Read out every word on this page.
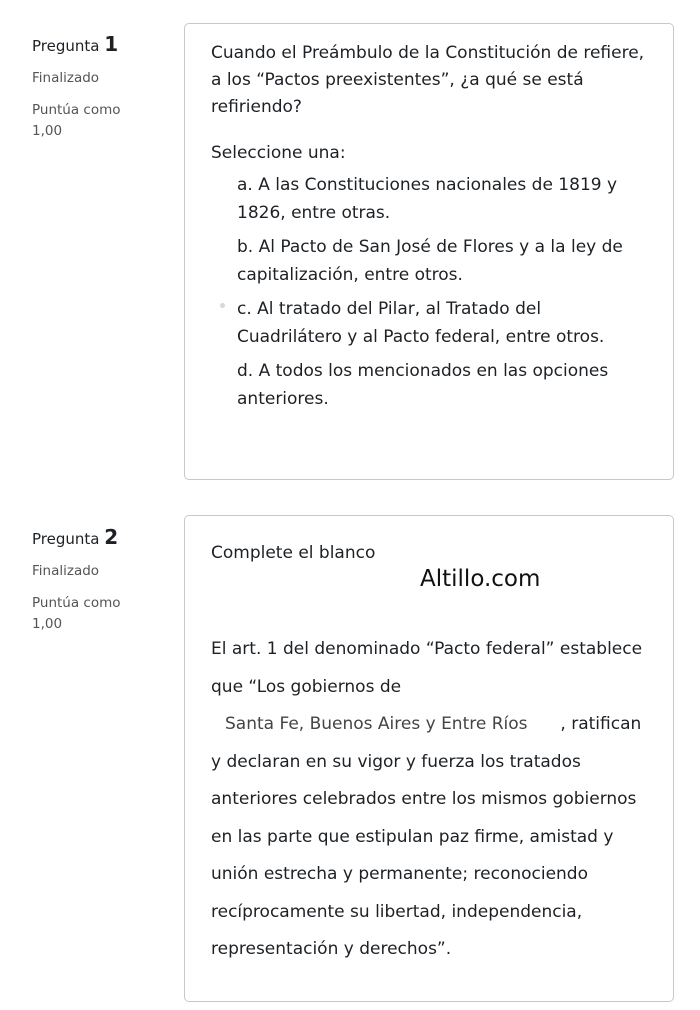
Pregunta 1
Finalizado
Puntúa como
1,00
Cuando el Preámbulo de la Constitución de refiere, a los “Pactos preexistentes”, ¿a qué se está refiriendo?
Seleccione una:
a. A las Constituciones nacionales de 1819 y 1826, entre otras.
b. Al Pacto de San José de Flores y a la ley de capitalización, entre otros.
c. Al tratado del Pilar, al Tratado del Cuadrilátero y al Pacto federal, entre otros.
d. A todos los mencionados en las opciones anteriores.
Pregunta 2
Finalizado
Puntúa como
1,00
Complete el blanco
Altillo.com
El art. 1 del denominado “Pacto federal” establece que “Los gobiernos de Santa Fe, Buenos Aires y Entre Ríos , ratifican y declaran en su vigor y fuerza los tratados anteriores celebrados entre los mismos gobiernos en las parte que estipulan paz firme, amistad y unión estrecha y permanente; reconociendo recíprocamente su libertad, independencia, representación y derechos”.
